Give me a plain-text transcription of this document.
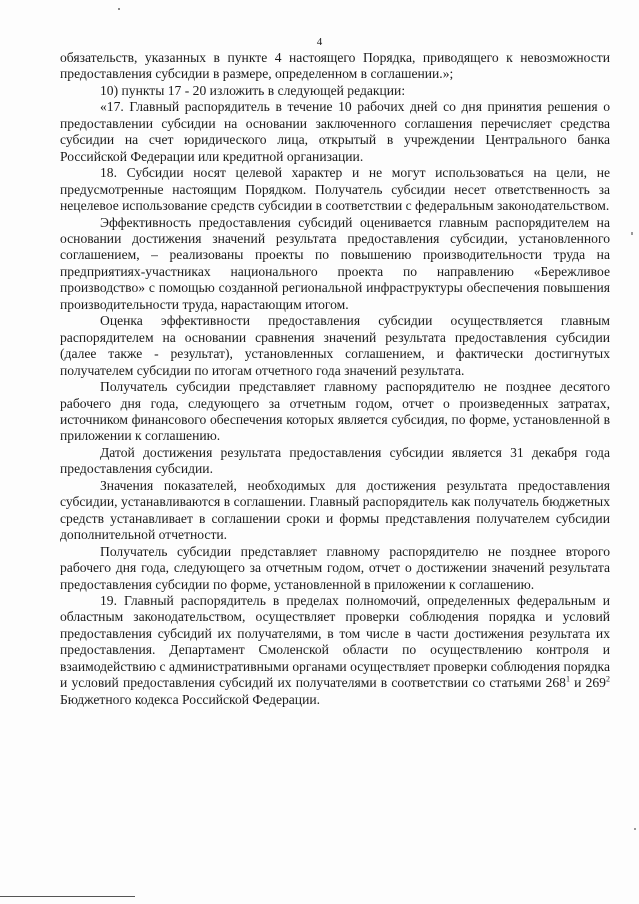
4

обязательств, указанных в пункте 4 настоящего Порядка, приводящего к невозможности предоставления субсидии в размере, определенном в соглашении.»;

10) пункты 17 - 20 изложить в следующей редакции:

«17. Главный распорядитель в течение 10 рабочих дней со дня принятия решения о предоставлении субсидии на основании заключенного соглашения перечисляет средства субсидии на счет юридического лица, открытый в учреждении Центрального банка Российской Федерации или кредитной организации.

18. Субсидии носят целевой характер и не могут использоваться на цели, не предусмотренные настоящим Порядком. Получатель субсидии несет ответственность за нецелевое использование средств субсидии в соответствии с федеральным законодательством.

Эффективность предоставления субсидий оценивается главным распорядителем на основании достижения значений результата предоставления субсидии, установленного соглашением, – реализованы проекты по повышению производительности труда на предприятиях-участниках национального проекта по направлению «Бережливое производство» с помощью созданной региональной инфраструктуры обеспечения повышения производительности труда, нарастающим итогом.

Оценка эффективности предоставления субсидии осуществляется главным распорядителем на основании сравнения значений результата предоставления субсидии (далее также - результат), установленных соглашением, и фактически достигнутых получателем субсидии по итогам отчетного года значений результата.

Получатель субсидии представляет главному распорядителю не позднее десятого рабочего дня года, следующего за отчетным годом, отчет о произведенных затратах, источником финансового обеспечения которых является субсидия, по форме, установленной в приложении к соглашению.

Датой достижения результата предоставления субсидии является 31 декабря года предоставления субсидии.

Значения показателей, необходимых для достижения результата предоставления субсидии, устанавливаются в соглашении. Главный распорядитель как получатель бюджетных средств устанавливает в соглашении сроки и формы представления получателем субсидии дополнительной отчетности.

Получатель субсидии представляет главному распорядителю не позднее второго рабочего дня года, следующего за отчетным годом, отчет о достижении значений результата предоставления субсидии по форме, установленной в приложении к соглашению.

19. Главный распорядитель в пределах полномочий, определенных федеральным и областным законодательством, осуществляет проверки соблюдения порядка и условий предоставления субсидий их получателями, в том числе в части достижения результата их предоставления. Департамент Смоленской области по осуществлению контроля и взаимодействию с административными органами осуществляет проверки соблюдения порядка и условий предоставления субсидий их получателями в соответствии со статьями $268^1$ и $269^2$ Бюджетного кодекса Российской Федерации.
